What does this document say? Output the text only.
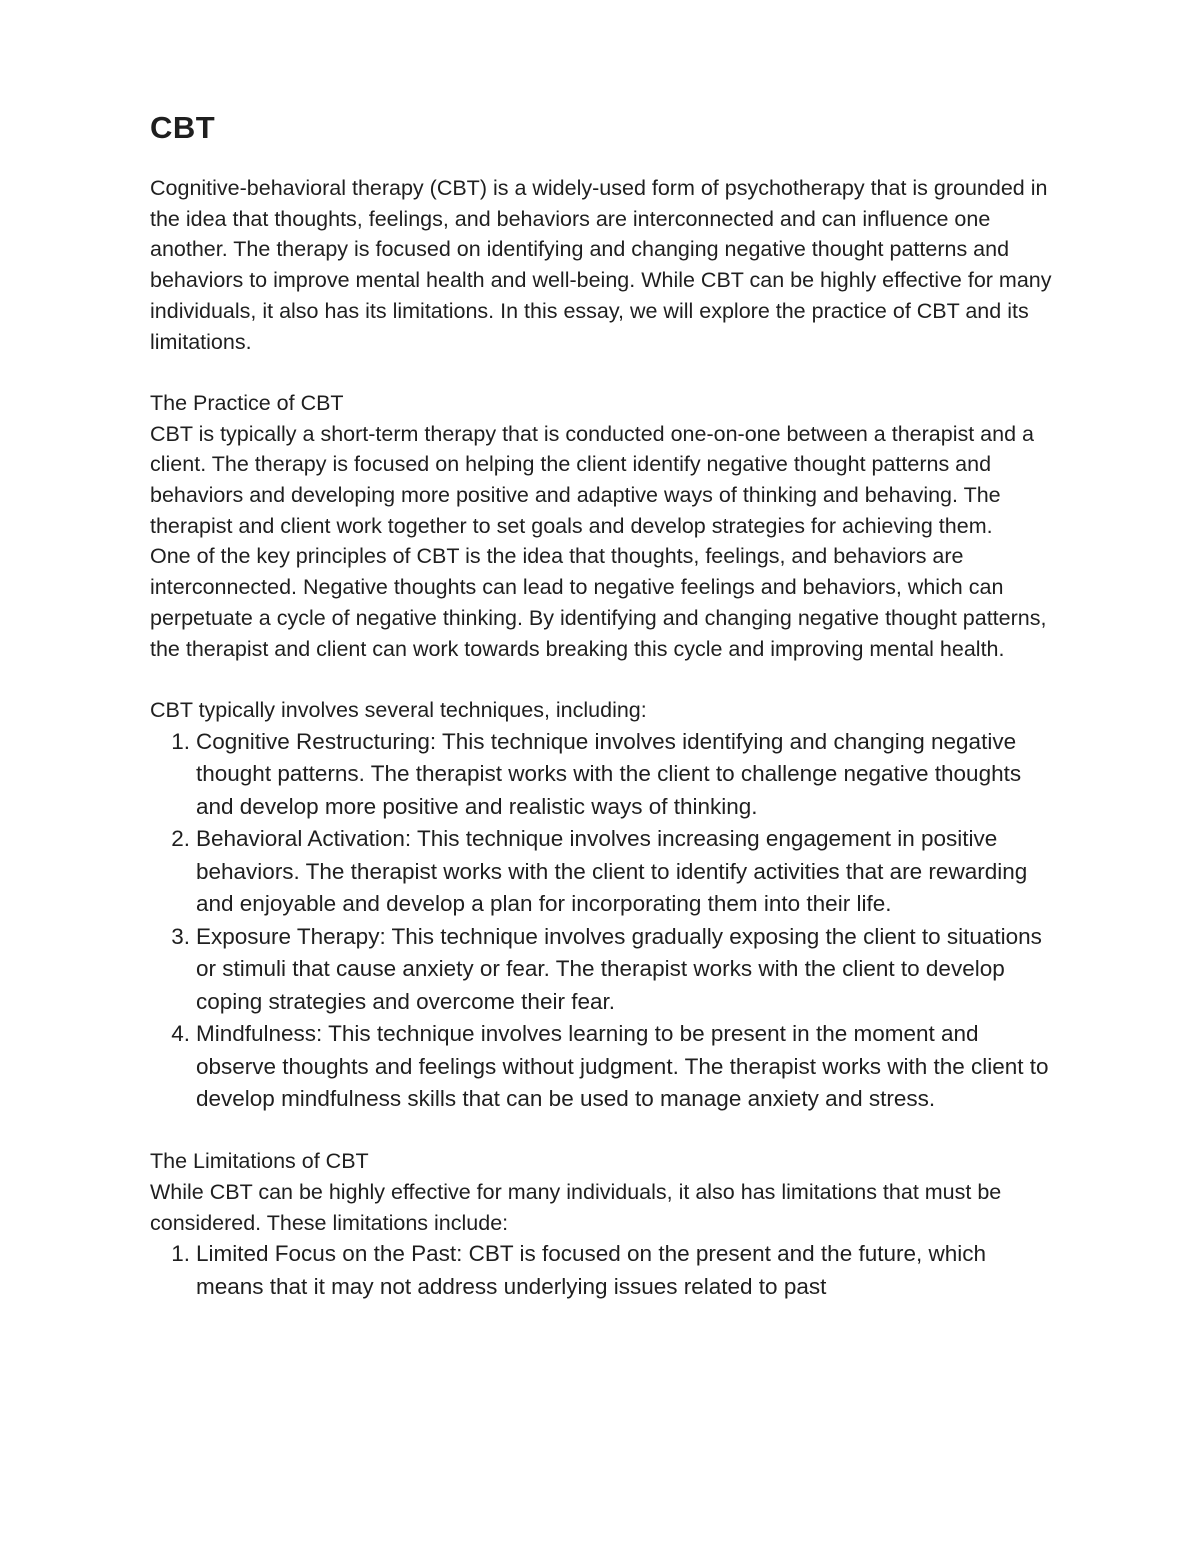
CBT

Cognitive-behavioral therapy (CBT) is a widely-used form of psychotherapy that is grounded in the idea that thoughts, feelings, and behaviors are interconnected and can influence one another. The therapy is focused on identifying and changing negative thought patterns and behaviors to improve mental health and well-being. While CBT can be highly effective for many individuals, it also has its limitations. In this essay, we will explore the practice of CBT and its limitations.

The Practice of CBT

CBT is typically a short-term therapy that is conducted one-on-one between a therapist and a client. The therapy is focused on helping the client identify negative thought patterns and behaviors and developing more positive and adaptive ways of thinking and behaving. The therapist and client work together to set goals and develop strategies for achieving them.

One of the key principles of CBT is the idea that thoughts, feelings, and behaviors are interconnected. Negative thoughts can lead to negative feelings and behaviors, which can perpetuate a cycle of negative thinking. By identifying and changing negative thought patterns, the therapist and client can work towards breaking this cycle and improving mental health.

CBT typically involves several techniques, including:

1 . Cognitive Restructuring: This technique involves identifying and changing negative thought patterns. The therapist works with the client to challenge negative thoughts and develop more positive and realistic ways of thinking.
2 . Behavioral Activation: This technique involves increasing engagement in positive behaviors. The therapist works with the client to identify activities that are rewarding and enjoyable and develop a plan for incorporating them into their life.
3 . Exposure Therapy: This technique involves gradually exposing the client to situations or stimuli that cause anxiety or fear. The therapist works with the client to develop coping strategies and overcome their fear.
4 . Mindfulness: This technique involves learning to be present in the moment and observe thoughts and feelings without judgment. The therapist works with the client to develop mindfulness skills that can be used to manage anxiety and stress.

The Limitations of CBT

While CBT can be highly effective for many individuals, it also has limitations that must be considered. These limitations include:

1 . Limited Focus on the Past: CBT is focused on the present and the future, which means that it may not address underlying issues related to past
